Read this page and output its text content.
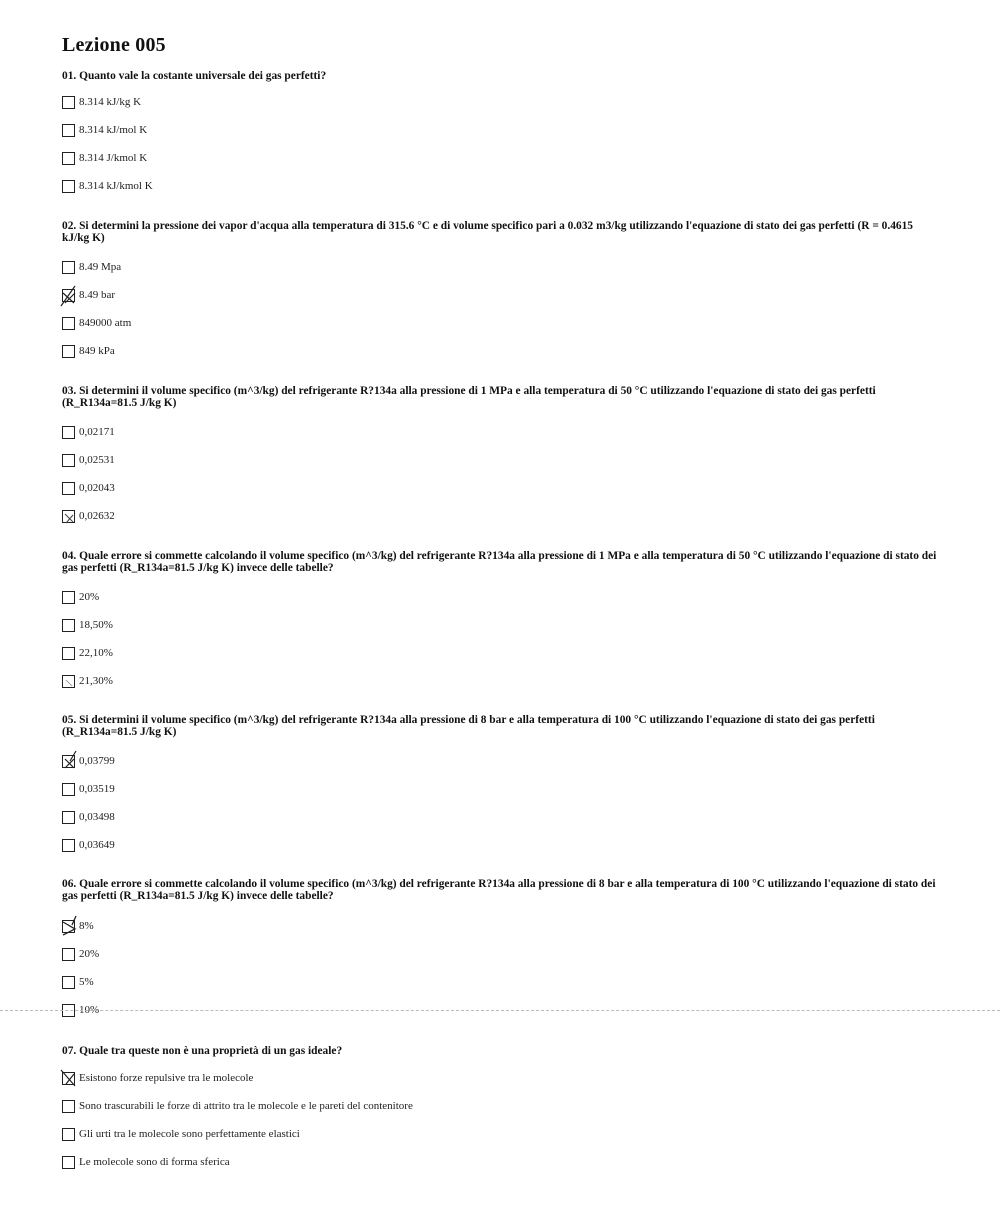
Lezione 005
01. Quanto vale la costante universale dei gas perfetti?
8.314 kJ/kg K
8.314 kJ/mol K
8.314 J/kmol K
8.314 kJ/kmol K
02. Si determini la pressione dei vapor d'acqua alla temperatura di 315.6 °C e di volume specifico pari a 0.032 m3/kg utilizzando l'equazione di stato dei gas perfetti (R = 0.4615 kJ/kg K)
8.49 Mpa
8.49 bar
849000 atm
849 kPa
03. Si determini il volume specifico (m^3/kg) del refrigerante R?134a alla pressione di 1 MPa e alla temperatura di 50 °C utilizzando l'equazione di stato dei gas perfetti (R_R134a=81.5 J/kg K)
0,02171
0,02531
0,02043
0,02632
04. Quale errore si commette calcolando il volume specifico (m^3/kg) del refrigerante R?134a alla pressione di 1 MPa e alla temperatura di 50 °C utilizzando l'equazione di stato dei gas perfetti (R_R134a=81.5 J/kg K) invece delle tabelle?
20%
18,50%
22,10%
21,30%
05. Si determini il volume specifico (m^3/kg) del refrigerante R?134a alla pressione di 8 bar e alla temperatura di 100 °C utilizzando l'equazione di stato dei gas perfetti (R_R134a=81.5 J/kg K)
0,03799
0,03519
0,03498
0,03649
06. Quale errore si commette calcolando il volume specifico (m^3/kg) del refrigerante R?134a alla pressione di 8 bar e alla temperatura di 100 °C utilizzando l'equazione di stato dei gas perfetti (R_R134a=81.5 J/kg K) invece delle tabelle?
8%
20%
5%
10%
07. Quale tra queste non è una proprietà di un gas ideale?
Esistono forze repulsive tra le molecole
Sono trascurabili le forze di attrito tra le molecole e le pareti del contenitore
Gli urti tra le molecole sono perfettamente elastici
Le molecole sono di forma sferica
